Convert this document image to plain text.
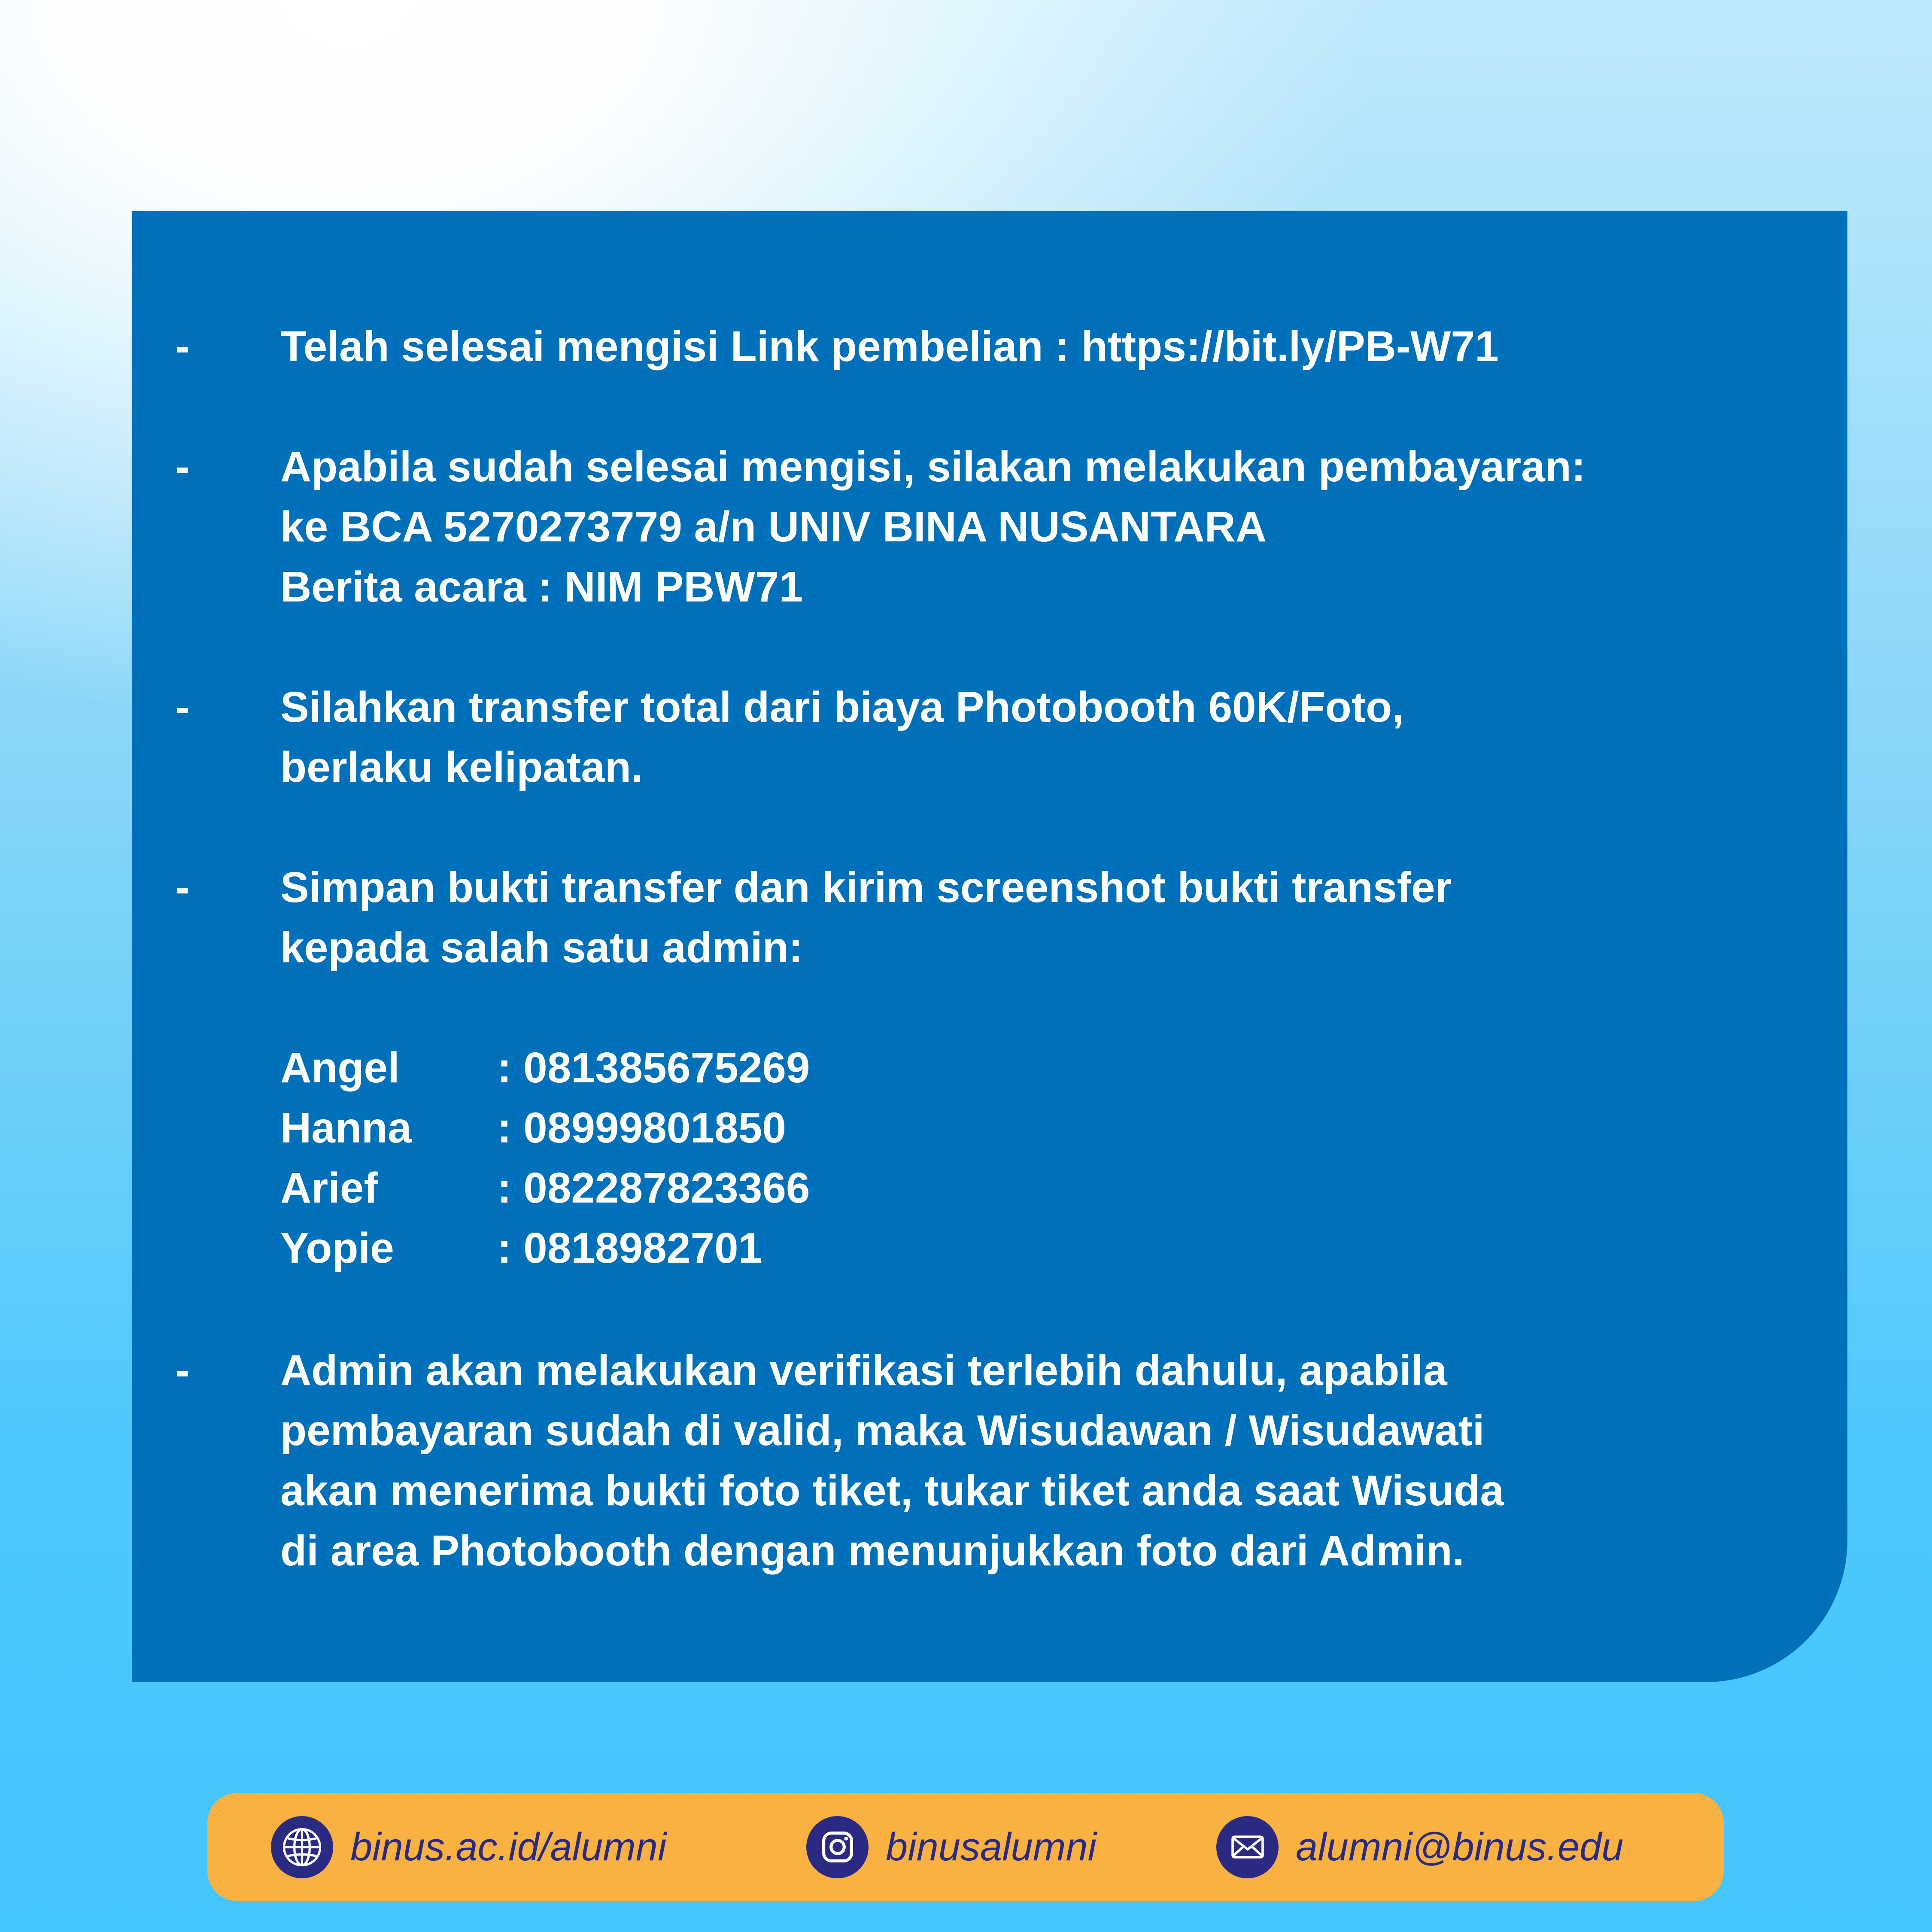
- Telah selesai mengisi Link pembelian : https://bit.ly/PB-W71
- Apabila sudah selesai mengisi, silakan melakukan pembayaran:
ke BCA 5270273779 a/n UNIV BINA NUSANTARA
Berita acara : NIM PBW71
- Silahkan transfer total dari biaya Photobooth 60K/Foto,
berlaku kelipatan.
- Simpan bukti transfer dan kirim screenshot bukti transfer
kepada salah satu admin:
Angel	: 081385675269
Hanna	: 08999801850
Arief	: 082287823366
Yopie	: 0818982701
- Admin akan melakukan verifikasi terlebih dahulu, apabila
pembayaran sudah di valid, maka Wisudawan / Wisudawati
akan menerima bukti foto tiket, tukar tiket anda saat Wisuda
di area Photobooth dengan menunjukkan foto dari Admin.
binus.ac.id/alumni	binusalumni	alumni@binus.edu
